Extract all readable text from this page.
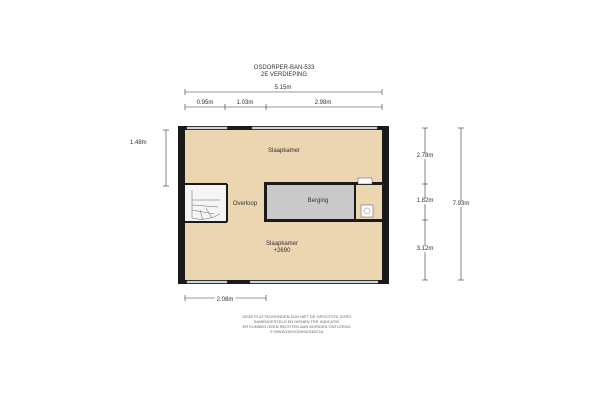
OSDORPER-BAN-533
2E VERDIEPING
5.15m
0.95m	1.03m	2.98m
1.48m
2.78m
1.82m
3.12m
7.93m
2.08m
Slaapkamer
Overloop	Berging
Slaapkamer
+2690
DEZE PLATTEGRONDEN ZIJN MET DE GROOTSTE ZORG
SAMENGESTELD EN DIENEN TER INDICATIE.
ER KUNNEN GEEN RECHTEN AAN WORDEN ONTLEEND.
© WWW.DROOMHUIS360.NL
